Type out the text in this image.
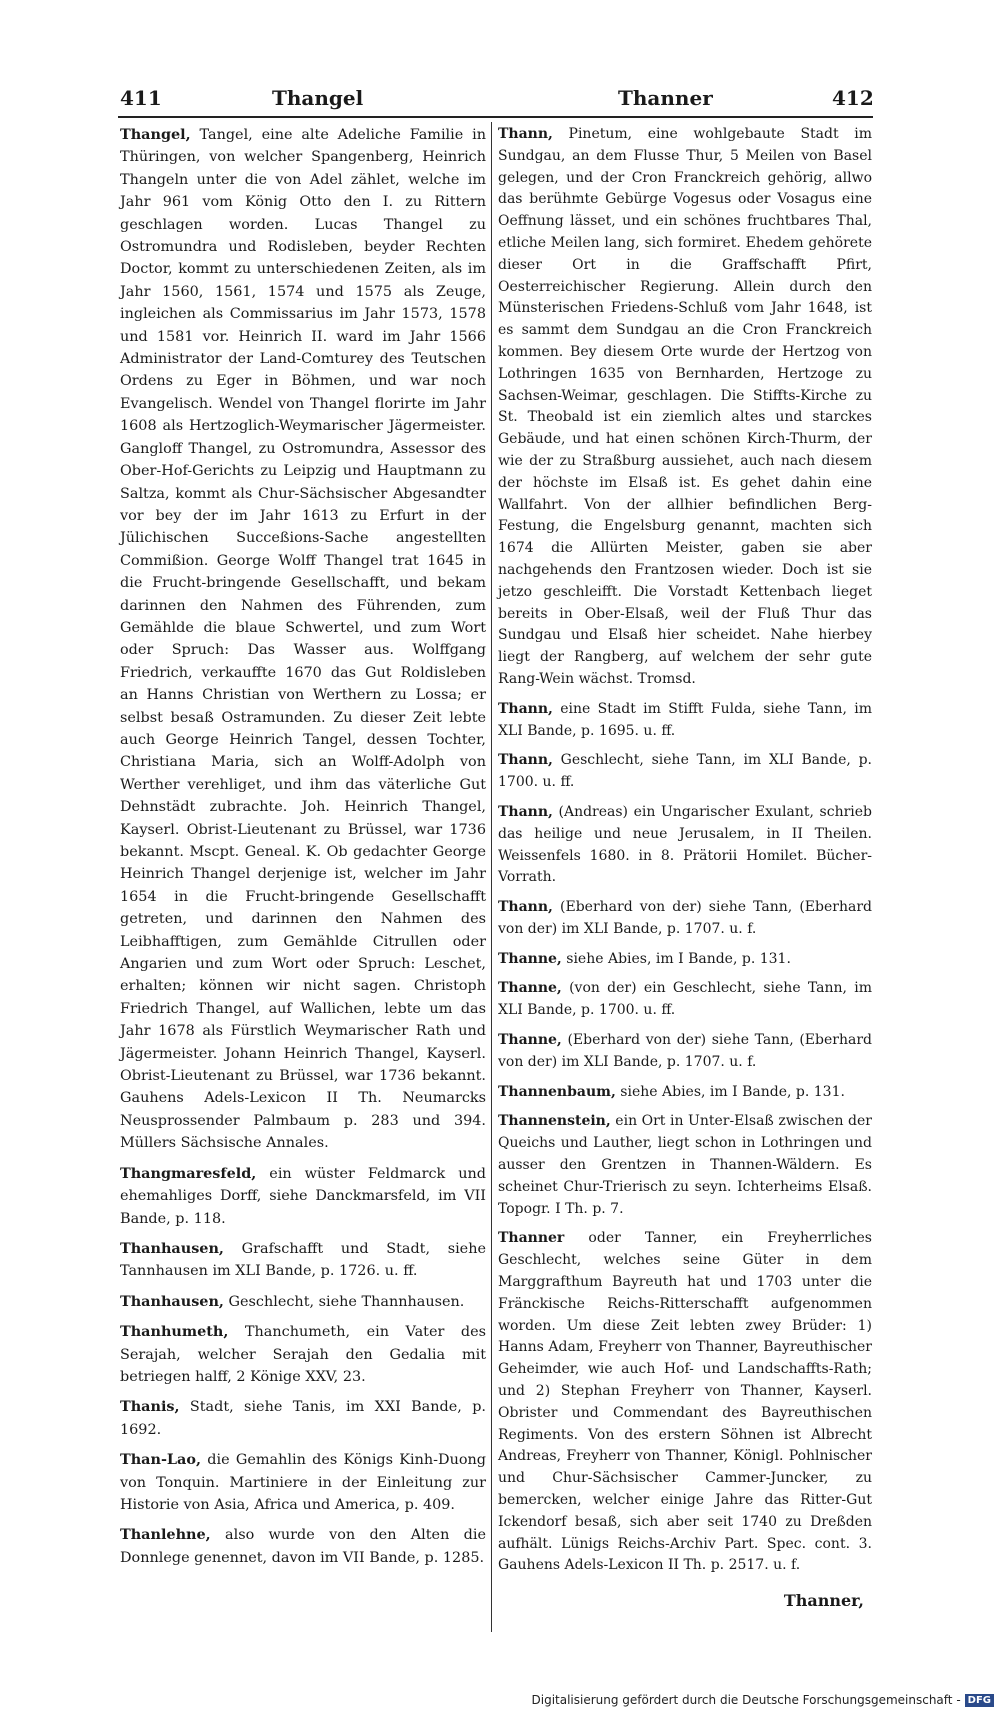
411	Thangel	Thanner	412

Thangel, Tangel, eine alte Adeliche Familie in Thüringen, von welcher Spangenberg, Heinrich Thangeln unter die von Adel zählet, welche im Jahr 961 vom König Otto den I. zu Rittern geschlagen worden. Lucas Thangel zu Ostromundra und Rodisleben, beyder Rechten Doctor, kommt zu unterschiedenen Zeiten, als im Jahr 1560, 1561, 1574 und 1575 als Zeuge, ingleichen als Commissarius im Jahr 1573, 1578 und 1581 vor. Heinrich II. ward im Jahr 1566 Administrator der Land-Comturey des Teutschen Ordens zu Eger in Böhmen, und war noch Evangelisch. Wendel von Thangel florirte im Jahr 1608 als Hertzoglich-Weymarischer Jägermeister. Gangloff Thangel, zu Ostromundra, Assessor des Ober-Hof-Gerichts zu Leipzig und Hauptmann zu Saltza, kommt als Chur-Sächsischer Abgesandter vor bey der im Jahr 1613 zu Erfurt in der Jülichischen Succeßions-Sache angestellten Commißion. George Wolff Thangel trat 1645 in die Frucht-bringende Gesellschafft, und bekam darinnen den Nahmen des Führenden, zum Gemählde die blaue Schwertel, und zum Wort oder Spruch: Das Wasser aus. Wolffgang Friedrich, verkauffte 1670 das Gut Roldisleben an Hanns Christian von Werthern zu Lossa; er selbst besaß Ostramunden. Zu dieser Zeit lebte auch George Heinrich Tangel, dessen Tochter, Christiana Maria, sich an Wolff-Adolph von Werther verehliget, und ihm das väterliche Gut Dehnstädt zubrachte. Joh. Heinrich Thangel, Kayserl. Obrist-Lieutenant zu Brüssel, war 1736 bekannt. Mscpt. Geneal. K. Ob gedachter George Heinrich Thangel derjenige ist, welcher im Jahr 1654 in die Frucht-bringende Gesellschafft getreten, und darinnen den Nahmen des Leibhafftigen, zum Gemählde Citrullen oder Angarien und zum Wort oder Spruch: Leschet, erhalten; können wir nicht sagen. Christoph Friedrich Thangel, auf Wallichen, lebte um das Jahr 1678 als Fürstlich Weymarischer Rath und Jägermeister. Johann Heinrich Thangel, Kayserl. Obrist-Lieutenant zu Brüssel, war 1736 bekannt. Gauhens Adels-Lexicon II Th. Neumarcks Neusprossender Palmbaum p. 283 und 394. Müllers Sächsische Annales.

Thangmaresfeld, ein wüster Feldmarck und ehemahliges Dorff, siehe Danckmarsfeld, im VII Bande, p. 118.

Thanhausen, Grafschafft und Stadt, siehe Tannhausen im XLI Bande, p. 1726. u. ff.

Thanhausen, Geschlecht, siehe Thannhausen.

Thanhumeth, Thanchumeth, ein Vater des Serajah, welcher Serajah den Gedalia mit betriegen halff, 2 Könige XXV, 23.

Thanis, Stadt, siehe Tanis, im XXI Bande, p. 1692.

Than-Lao, die Gemahlin des Königs Kinh-Duong von Tonquin. Martiniere in der Einleitung zur Historie von Asia, Africa und America, p. 409.

Thanlehne, also wurde von den Alten die Donnlege genennet, davon im VII Bande, p. 1285.

Thann, Pinetum, eine wohlgebaute Stadt im Sundgau, an dem Flusse Thur, 5 Meilen von Basel gelegen, und der Cron Franckreich gehörig, allwo das berühmte Gebürge Vogesus oder Vosagus eine Oeffnung lässet, und ein schönes fruchtbares Thal, etliche Meilen lang, sich formiret. Ehedem gehörete dieser Ort in die Graffschafft Pfirt, Oesterreichischer Regierung. Allein durch den Münsterischen Friedens-Schluß vom Jahr 1648, ist es sammt dem Sundgau an die Cron Franckreich kommen. Bey diesem Orte wurde der Hertzog von Lothringen 1635 von Bernharden, Hertzoge zu Sachsen-Weimar, geschlagen. Die Stiffts-Kirche zu St. Theobald ist ein ziemlich altes und starckes Gebäude, und hat einen schönen Kirch-Thurm, der wie der zu Straßburg aussiehet, auch nach diesem der höchste im Elsaß ist. Es gehet dahin eine Wallfahrt. Von der allhier befindlichen Berg-Festung, die Engelsburg genannt, machten sich 1674 die Allürten Meister, gaben sie aber nachgehends den Frantzosen wieder. Doch ist sie jetzo geschleifft. Die Vorstadt Kettenbach lieget bereits in Ober-Elsaß, weil der Fluß Thur das Sundgau und Elsaß hier scheidet. Nahe hierbey liegt der Rangberg, auf welchem der sehr gute Rang-Wein wächst. Tromsd.

Thann, eine Stadt im Stifft Fulda, siehe Tann, im XLI Bande, p. 1695. u. ff.

Thann, Geschlecht, siehe Tann, im XLI Bande, p. 1700. u. ff.

Thann, (Andreas) ein Ungarischer Exulant, schrieb das heilige und neue Jerusalem, in II Theilen. Weissenfels 1680. in 8. Prätorii Homilet. Bücher-Vorrath.

Thann, (Eberhard von der) siehe Tann, (Eberhard von der) im XLI Bande, p. 1707. u. f.

Thanne, siehe Abies, im I Bande, p. 131.

Thanne, (von der) ein Geschlecht, siehe Tann, im XLI Bande, p. 1700. u. ff.

Thanne, (Eberhard von der) siehe Tann, (Eberhard von der) im XLI Bande, p. 1707. u. f.

Thannenbaum, siehe Abies, im I Bande, p. 131.

Thannenstein, ein Ort in Unter-Elsaß zwischen der Queichs und Lauther, liegt schon in Lothringen und ausser den Grentzen in Thannen-Wäldern. Es scheinet Chur-Trierisch zu seyn. Ichterheims Elsaß. Topogr. I Th. p. 7.

Thanner oder Tanner, ein Freyherrliches Geschlecht, welches seine Güter in dem Marggrafthum Bayreuth hat und 1703 unter die Fränckische Reichs-Ritterschafft aufgenommen worden. Um diese Zeit lebten zwey Brüder: 1) Hanns Adam, Freyherr von Thanner, Bayreuthischer Geheimder, wie auch Hof- und Landschaffts-Rath; und 2) Stephan Freyherr von Thanner, Kayserl. Obrister und Commendant des Bayreuthischen Regiments. Von des erstern Söhnen ist Albrecht Andreas, Freyherr von Thanner, Königl. Pohlnischer und Chur-Sächsischer Cammer-Juncker, zu bemercken, welcher einige Jahre das Ritter-Gut Ickendorf besaß, sich aber seit 1740 zu Dreßden aufhält. Lünigs Reichs-Archiv Part. Spec. cont. 3. Gauhens Adels-Lexicon II Th. p. 2517. u. f.

Thanner,
Digitalisierung gefördert durch die Deutsche Forschungsgemeinschaft - DFG
